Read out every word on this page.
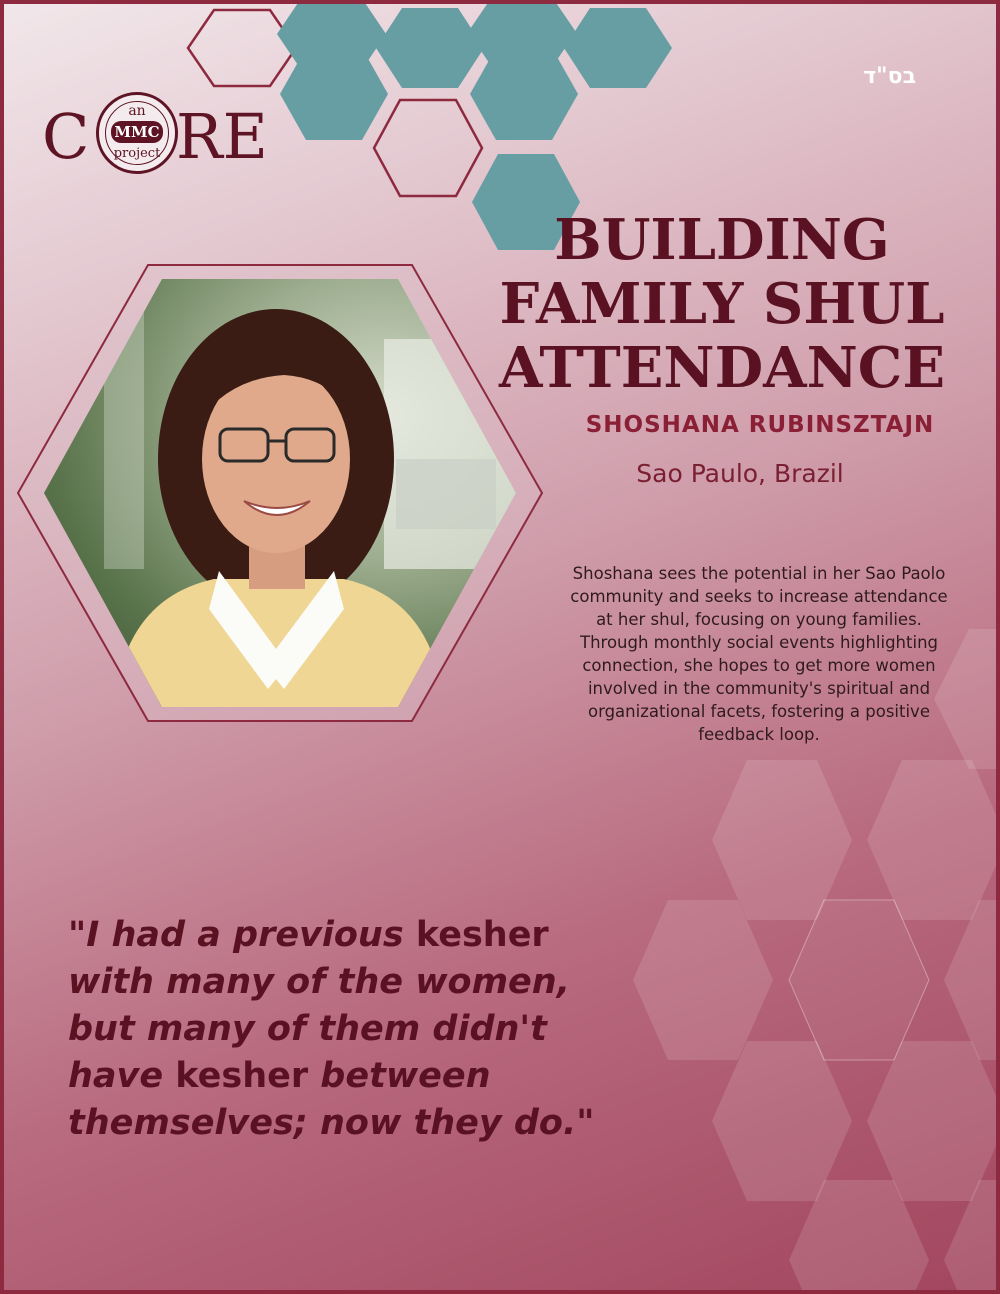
C	an
MMC
project RE
בס"ד
BUILDING
FAMILY SHUL
ATTENDANCE
SHOSHANA RUBINSZTAJN
Sao Paulo, Brazil

Shoshana sees the potential in her Sao Paolo community and seeks to increase attendance at her shul, focusing on young families. Through monthly social events highlighting connection, she hopes to get more women involved in the community's spiritual and organizational facets, fostering a positive feedback loop.

"I had a previous kesher with many of the women, but many of them didn't have kesher between themselves; now they do."
